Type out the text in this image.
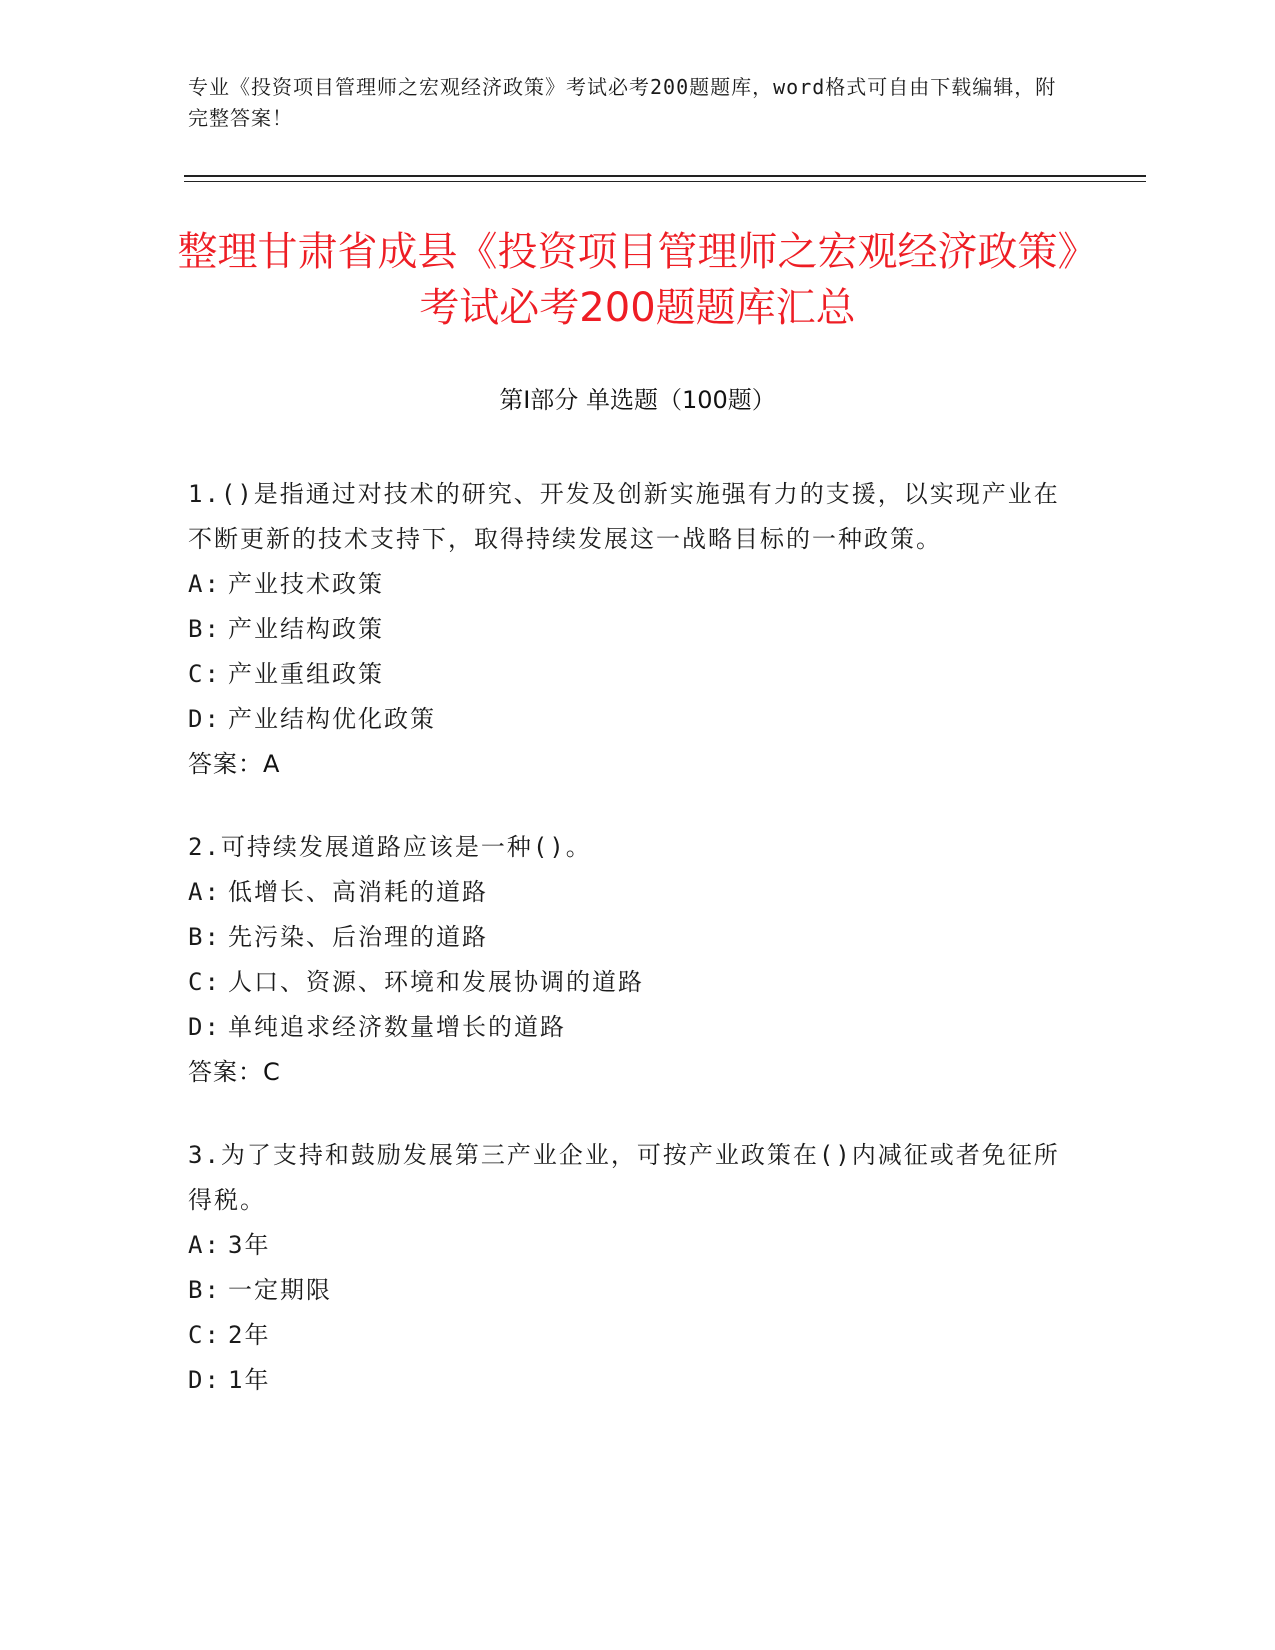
专业《投资项目管理师之宏观经济政策》考试必考200题题库，word格式可自由下载编辑，附完整答案！
整理甘肃省成县《投资项目管理师之宏观经济政策》考试必考200题题库汇总
第Ⅰ部分 单选题（100题）
1.()是指通过对技术的研究、开发及创新实施强有力的支援，以实现产业在不断更新的技术支持下，取得持续发展这一战略目标的一种政策。
A: 产业技术政策
B: 产业结构政策
C: 产业重组政策
D: 产业结构优化政策
答案：A
2.可持续发展道路应该是一种()。
A: 低增长、高消耗的道路
B: 先污染、后治理的道路
C: 人口、资源、环境和发展协调的道路
D: 单纯追求经济数量增长的道路
答案：C
3.为了支持和鼓励发展第三产业企业，可按产业政策在()内减征或者免征所得税。
A: 3年
B: 一定期限
C: 2年
D: 1年
